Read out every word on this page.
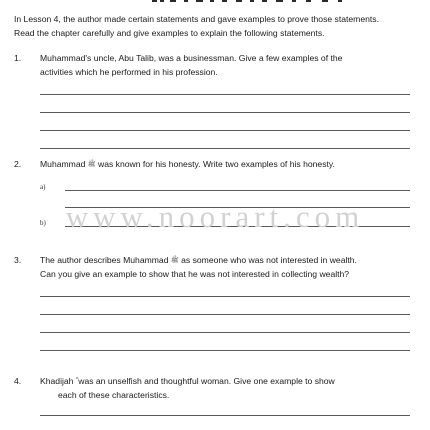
In Lesson 4, the author made certain statements and gave examples to prove those statements.

Read the chapter carefully and give examples to explain the following statements.

1. Muhammad's uncle, Abu Talib, was a businessman. Give a few examples of the

activities which he performed in his profession.

2. Muhammad ﷺ was known for his honesty. Write two examples of his honesty.

a)
b) www.noorart.com
3. The author describes Muhammad ﷺ as someone who was not interested in wealth.

Can you give an example to show that he was not interested in collecting wealth?

4. Khadijah was an unselfish and thoughtful woman. Give one example to show

each of these characteristics.
